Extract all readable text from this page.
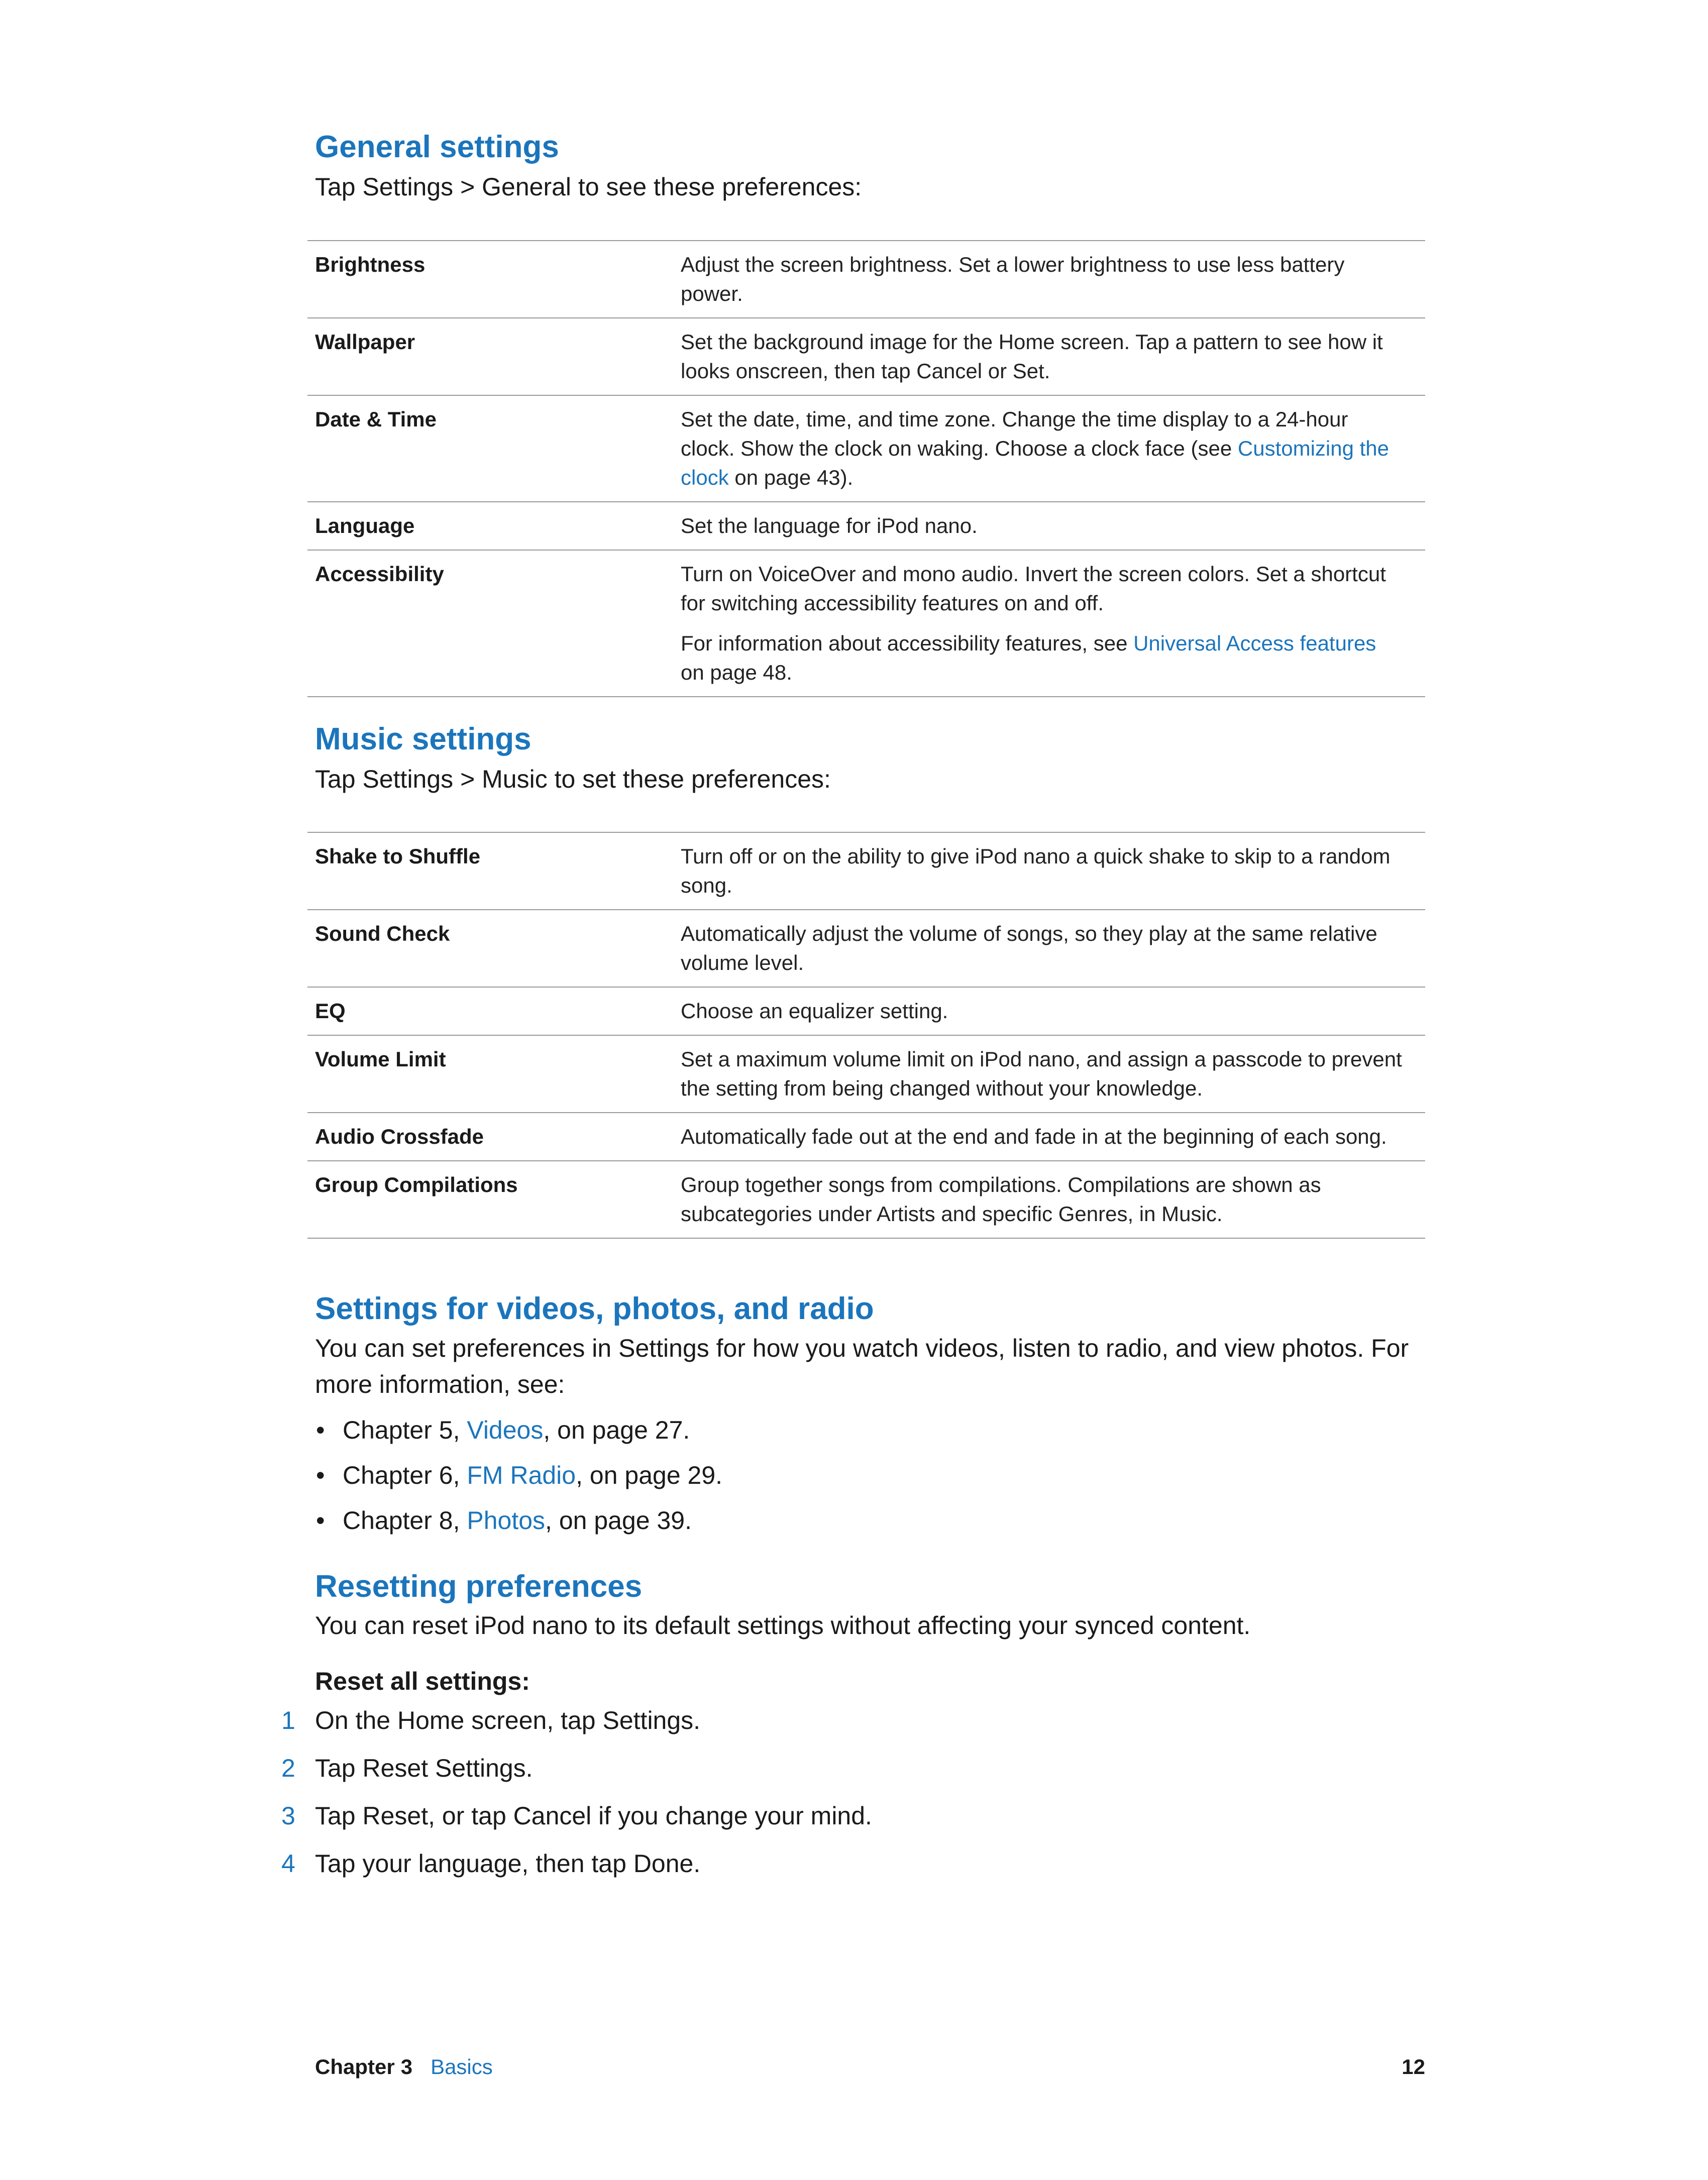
General settings

Tap Settings > General to see these preferences:

Brightness	Adjust the screen brightness. Set a lower brightness to use less battery power.
Wallpaper	Set the background image for the Home screen. Tap a pattern to see how it looks onscreen, then tap Cancel or Set.
Date & Time	Set the date, time, and time zone. Change the time display to a 24-hour clock. Show the clock on waking. Choose a clock face (see Customizing the clock on page 43).
Language	Set the language for iPod nano.
Accessibility	Turn on VoiceOver and mono audio. Invert the screen colors. Set a shortcut for switching accessibility features on and off.

For information about accessibility features, see Universal Access features on page 48.

Music settings

Tap Settings > Music to set these preferences:

Shake to Shuffle	Turn off or on the ability to give iPod nano a quick shake to skip to a random song.
Sound Check	Automatically adjust the volume of songs, so they play at the same relative volume level.
EQ	Choose an equalizer setting.
Volume Limit	Set a maximum volume limit on iPod nano, and assign a passcode to prevent the setting from being changed without your knowledge.
Audio Crossfade	Automatically fade out at the end and fade in at the beginning of each song.
Group Compilations	Group together songs from compilations. Compilations are shown as subcategories under Artists and specific Genres, in Music.
Settings for videos, photos, and radio

You can set preferences in Settings for how you watch videos, listen to radio, and view photos. For more information, see:

• Chapter 5, Videos, on page 27.
• Chapter 6, FM Radio, on page 29.
• Chapter 8, Photos, on page 39.
Resetting preferences

You can reset iPod nano to its default settings without affecting your synced content.

Reset all settings:
1 On the Home screen, tap Settings.
2 Tap Reset Settings.
3 Tap Reset, or tap Cancel if you change your mind.
4 Tap your language, then tap Done.
Chapter 3 Basics	12
